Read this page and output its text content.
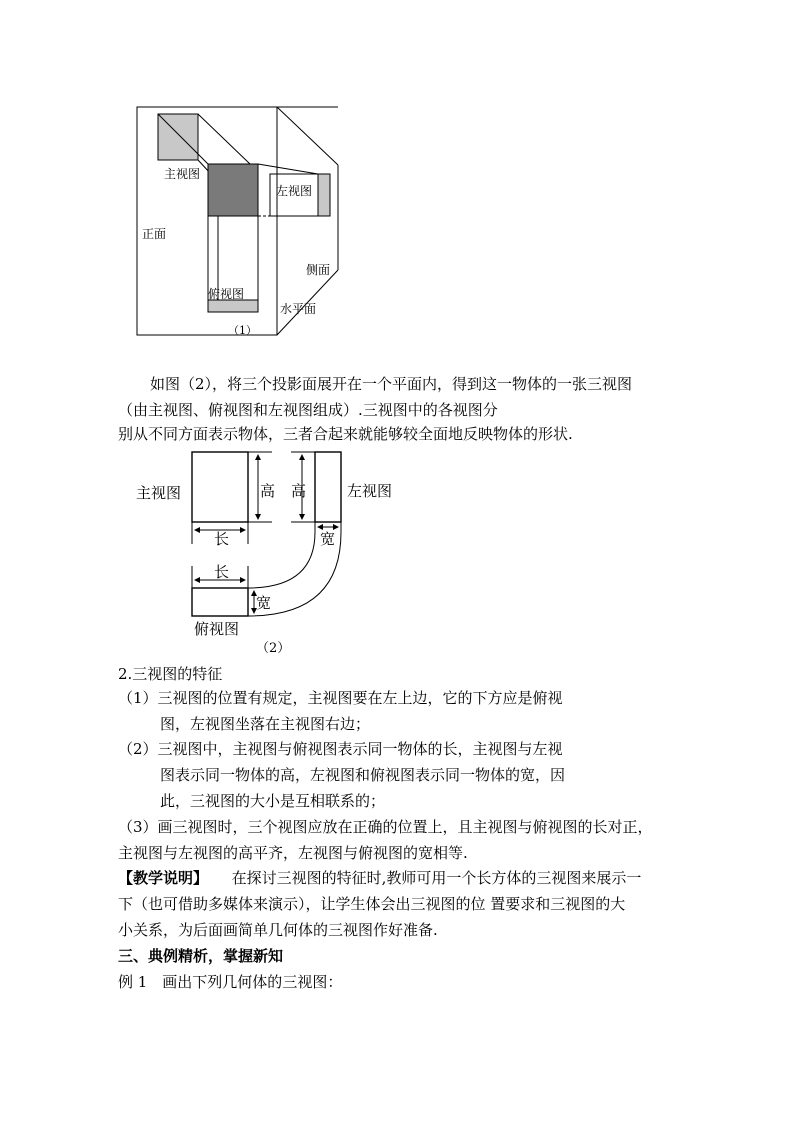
主视图
左视图
正面
侧面
俯视图
水平面
（1）
如图（2），将三个投影面展开在一个平面内，得到这一物体的一张三视图
（由主视图、俯视图和左视图组成）.三视图中的各视图分
别从不同方面表示物体，三者合起来就能够较全面地反映物体的形状.
主视图	高 高	左视图
长	宽
长
宽
俯视图
（2）
2.三视图的特征
（1）三视图的位置有规定，主视图要在左上边，它的下方应是俯视
图，左视图坐落在主视图右边；
（2）三视图中，主视图与俯视图表示同一物体的长，主视图与左视
图表示同一物体的高，左视图和俯视图表示同一物体的宽，因
此，三视图的大小是互相联系的；
（3）画三视图时，三个视图应放在正确的位置上，且主视图与俯视图的长对正，
主视图与左视图的高平齐，左视图与俯视图的宽相等.
【教学说明】 在探讨三视图的特征时,教师可用一个长方体的三视图来展示一
下（也可借助多媒体来演示），让学生体会出三视图的位 置要求和三视图的大
小关系，为后面画简单几何体的三视图作好准备.
三、典例精析，掌握新知
例 1　画出下列几何体的三视图：
